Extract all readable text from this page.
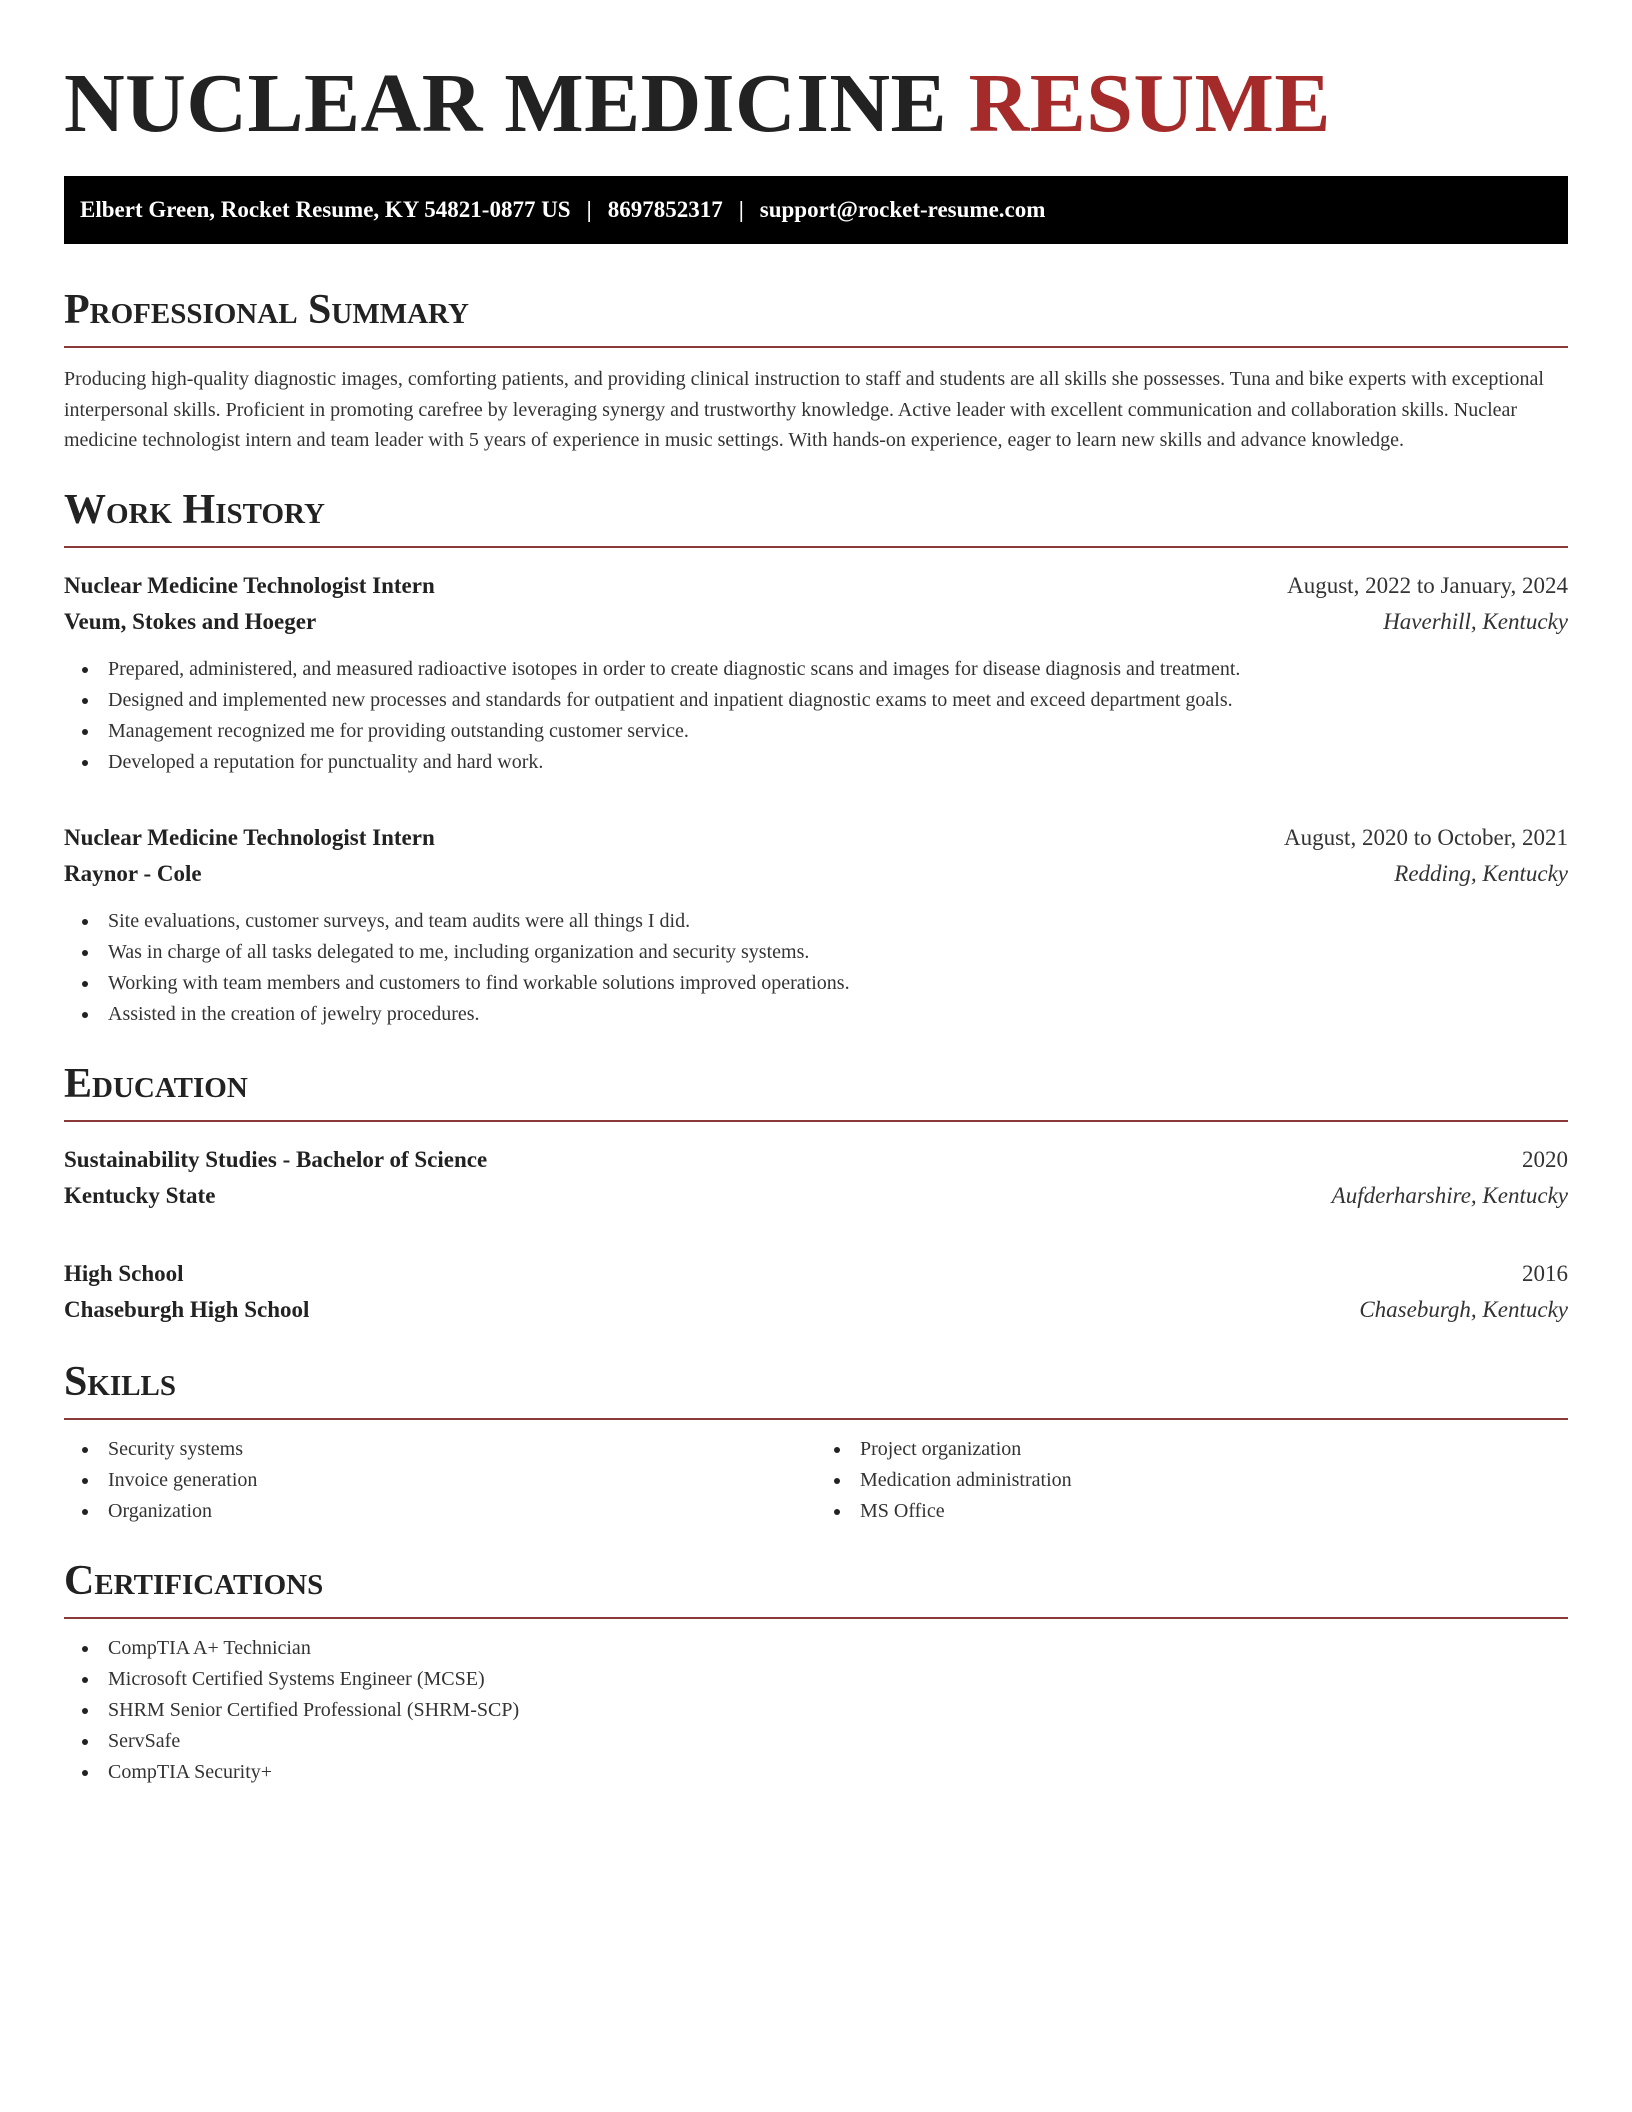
NUCLEAR MEDICINE RESUME
Elbert Green, Rocket Resume, KY 54821-0877 US | 8697852317 | support@rocket-resume.com
Professional Summary

Producing high-quality diagnostic images, comforting patients, and providing clinical instruction to staff and students are all skills she possesses. Tuna and bike experts with exceptional interpersonal skills. Proficient in promoting carefree by leveraging synergy and trustworthy knowledge. Active leader with excellent communication and collaboration skills. Nuclear medicine technologist intern and team leader with 5 years of experience in music settings. With hands-on experience, eager to learn new skills and advance knowledge.

Work History
Nuclear Medicine Technologist Intern	August, 2022 to January, 2024
Veum, Stokes and Hoeger	Haverhill, Kentucky
Prepared, administered, and measured radioactive isotopes in order to create diagnostic scans and images for disease diagnosis and treatment.
Designed and implemented new processes and standards for outpatient and inpatient diagnostic exams to meet and exceed department goals.
Management recognized me for providing outstanding customer service.
Developed a reputation for punctuality and hard work.
Nuclear Medicine Technologist Intern	August, 2020 to October, 2021
Raynor - Cole	Redding, Kentucky
Site evaluations, customer surveys, and team audits were all things I did.
Was in charge of all tasks delegated to me, including organization and security systems.
Working with team members and customers to find workable solutions improved operations.
Assisted in the creation of jewelry procedures.
Education
Sustainability Studies - Bachelor of Science	2020
Kentucky State	Aufderharshire, Kentucky
High School	2016
Chaseburgh High School	Chaseburgh, Kentucky
Skills
Security systems
Invoice generation
Organization
Project organization
Medication administration
MS Office
Certifications
CompTIA A+ Technician
Microsoft Certified Systems Engineer (MCSE)
SHRM Senior Certified Professional (SHRM-SCP)
ServSafe
CompTIA Security+
